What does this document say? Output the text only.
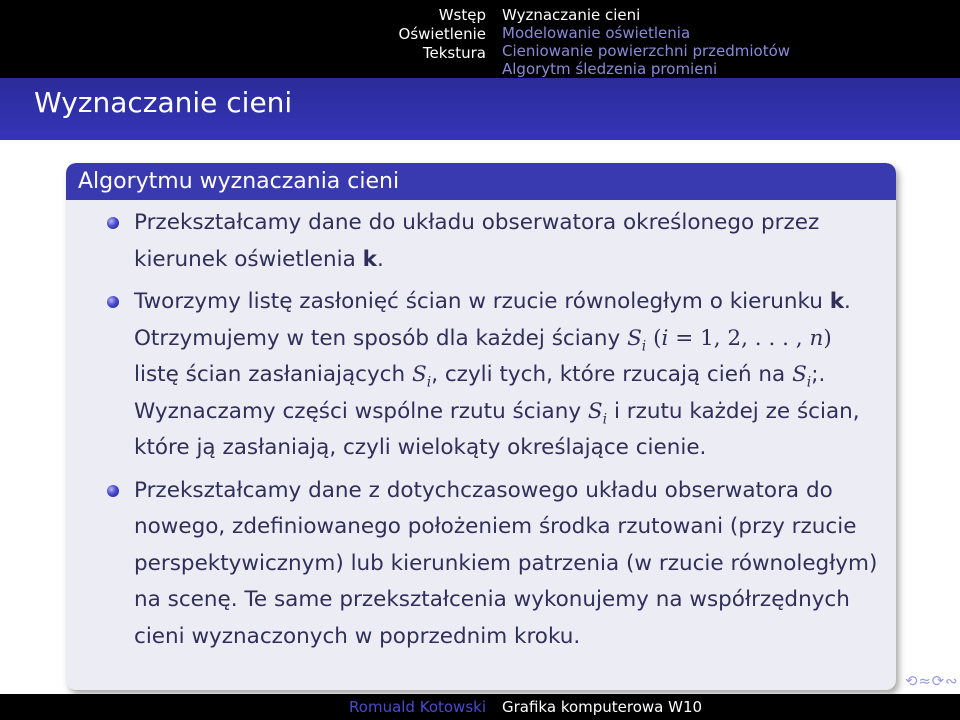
Wstęp
Oświetlenie
Tekstura
Wyznaczanie cieni
Modelowanie oświetlenia
Cieniowanie powierzchni przedmiotów
Algorytm śledzenia promieni
Wyznaczanie cieni
Algorytmu wyznaczania cieni
Przekształcamy dane do układu obserwatora określonego przez kierunek oświetlenia k.
Tworzymy listę zasłonięć ścian w rzucie równoległym o kierunku k. Otrzymujemy w ten sposób dla każdej ściany $S_i$ (i = 1, 2, . . . , n) listę ścian zasłaniających $S_i$, czyli tych, które rzucają cień na $S_i$;. Wyznaczamy części wspólne rzutu ściany $S_i$ i rzutu każdej ze ścian, które ją zasłaniają, czyli wielokąty określające cienie.
Przekształcamy dane z dotychczasowego układu obserwatora do nowego, zdefiniowanego położeniem środka rzutowani (przy rzucie perspektywicznym) lub kierunkiem patrzenia (w rzucie równoległym) na scenę. Te same przekształcenia wykonujemy na współrzędnych cieni wyznaczonych w poprzednim kroku.
⟲ ≈ ⟳ ∾
Romuald Kotowski Grafika komputerowa W10
